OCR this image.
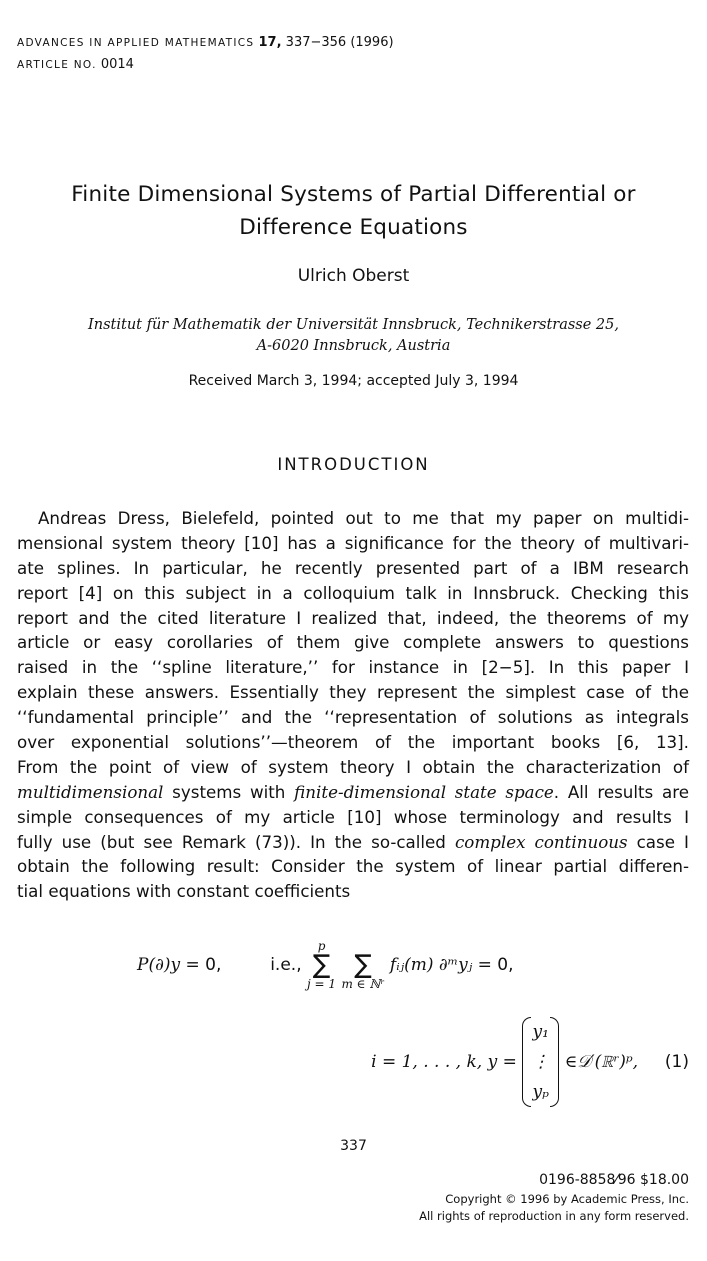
ADVANCES IN APPLIED MATHEMATICS 17, 337−356 (1996)
ARTICLE NO. 0014
Finite Dimensional Systems of Partial Differential or
Difference Equations
Ulrich Oberst
Institut für Mathematik der Universität Innsbruck, Technikerstrasse 25,
A-6020 Innsbruck, Austria
Received March 3, 1994; accepted July 3, 1994
INTRODUCTION
Andreas Dress, Bielefeld, pointed out to me that my paper on multidi-
mensional system theory [10] has a significance for the theory of multivari-
ate splines. In particular, he recently presented part of a IBM research
report [4] on this subject in a colloquium talk in Innsbruck. Checking this
report and the cited literature I realized that, indeed, the theorems of my
article or easy corollaries of them give complete answers to questions
raised in the ‘‘spline literature,’’ for instance in [2−5]. In this paper I
explain these answers. Essentially they represent the simplest case of the
‘‘fundamental principle’’ and the ‘‘representation of solutions as integrals
over exponential solutions’’—theorem of the important books [6, 13].
From the point of view of system theory I obtain the characterization of
multidimensional systems with finite-dimensional state space. All results are
simple consequences of my article [10] whose terminology and results I
fully use (but see Remark (73)). In the so-called complex continuous case I
obtain the following result: Consider the system of linear partial differen-
tial equations with constant coefficients
P(∂)y = 0,	i.e.,
p
∑
j = 1

∑
m ∈ ℕʳ
fᵢⱼ(m) ∂ᵐyⱼ = 0,
i = 1, . . . , k, y =
y₁
⋮
yₚ
∈𝒟′(ℝʳ)ᵖ, (1)
337
0196-8858⁄96 $18.00
Copyright © 1996 by Academic Press, Inc.
All rights of reproduction in any form reserved.
